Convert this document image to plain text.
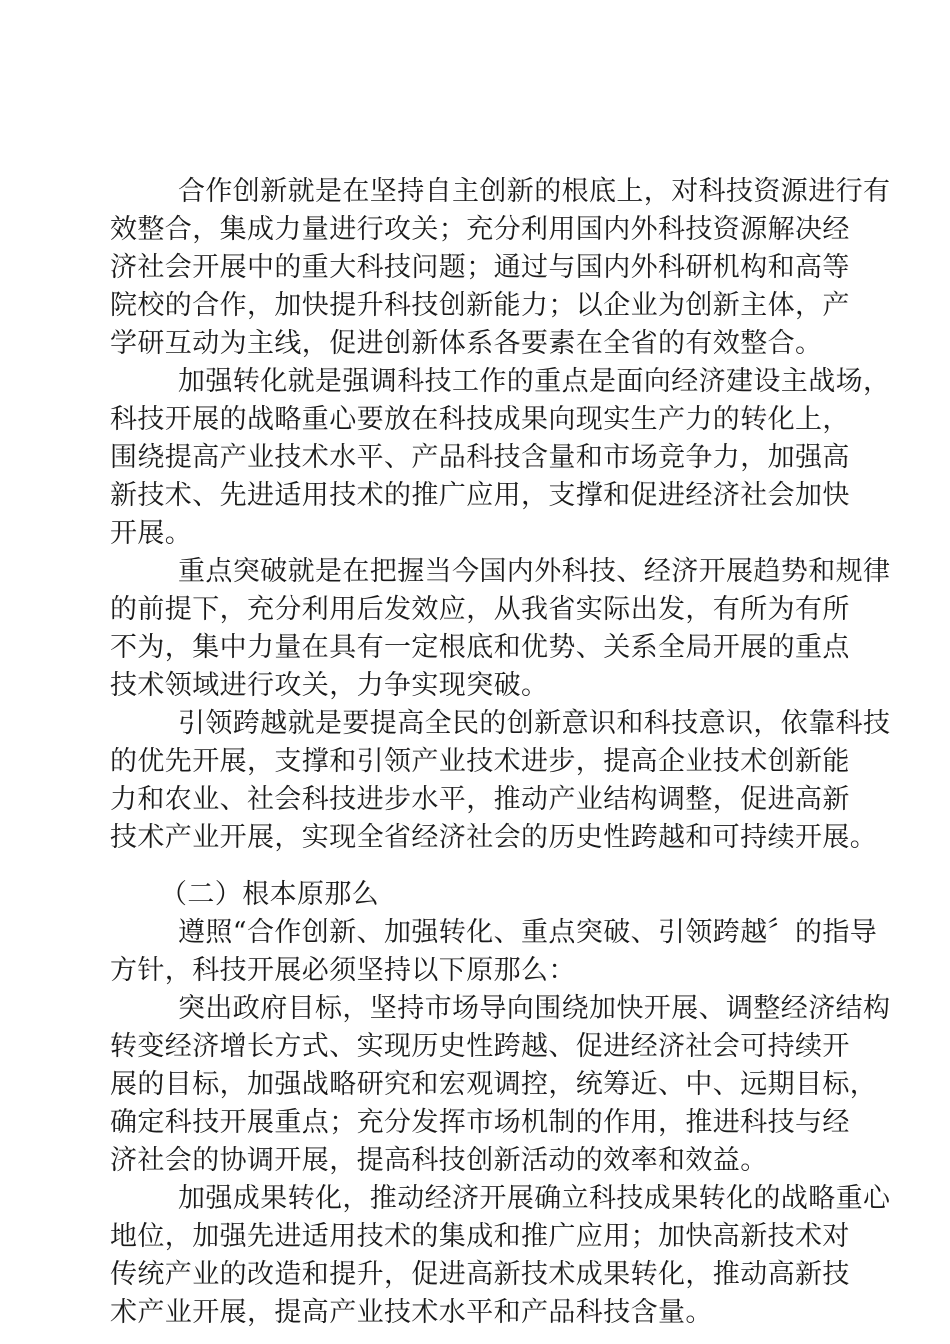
合作创新就是在坚持自主创新的根底上，对科技资源进行有
效整合，集成力量进行攻关；充分利用国内外科技资源解决经
济社会开展中的重大科技问题；通过与国内外科研机构和高等
院校的合作，加快提升科技创新能力；以企业为创新主体，产
学研互动为主线，促进创新体系各要素在全省的有效整合。
加强转化就是强调科技工作的重点是面向经济建设主战场，
科技开展的战略重心要放在科技成果向现实生产力的转化上，
围绕提高产业技术水平、产品科技含量和市场竞争力，加强高
新技术、先进适用技术的推广应用，支撑和促进经济社会加快
开展。
重点突破就是在把握当今国内外科技、经济开展趋势和规律
的前提下，充分利用后发效应，从我省实际出发，有所为有所
不为，集中力量在具有一定根底和优势、关系全局开展的重点
技术领域进行攻关，力争实现突破。
引领跨越就是要提高全民的创新意识和科技意识，依靠科技
的优先开展，支撑和引领产业技术进步，提高企业技术创新能
力和农业、社会科技进步水平，推动产业结构调整，促进高新
技术产业开展，实现全省经济社会的历史性跨越和可持续开展。
（二）根本原那么
遵照“合作创新、加强转化、重点突破、引领跨越〞的指导
方针，科技开展必须坚持以下原那么：
突出政府目标，坚持市场导向围绕加快开展、调整经济结构
转变经济增长方式、实现历史性跨越、促进经济社会可持续开
展的目标，加强战略研究和宏观调控，统筹近、中、远期目标，
确定科技开展重点；充分发挥市场机制的作用，推进科技与经
济社会的协调开展，提高科技创新活动的效率和效益。
加强成果转化，推动经济开展确立科技成果转化的战略重心
地位，加强先进适用技术的集成和推广应用；加快高新技术对
传统产业的改造和提升，促进高新技术成果转化，推动高新技
术产业开展，提高产业技术水平和产品科技含量。
